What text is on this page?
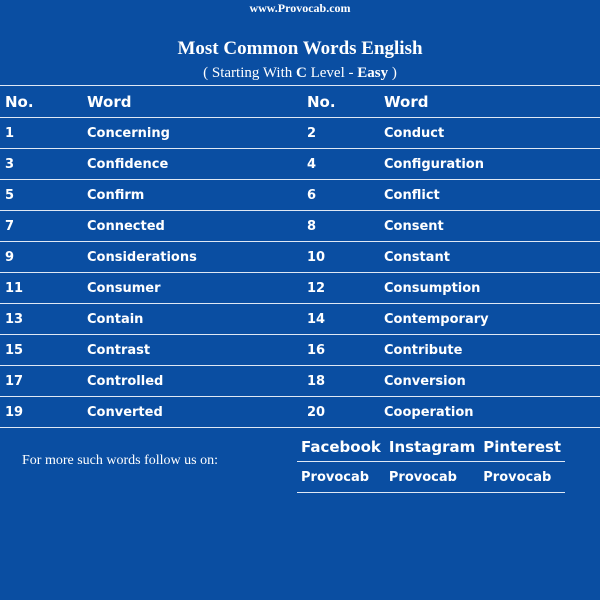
www.Provocab.com
Most Common Words English
( Starting With C Level - Easy )
No.	Word	No.	Word
1	Concerning	2	Conduct
3	Confidence	4	Configuration
5	Confirm	6	Conflict
7	Connected	8	Consent
9	Considerations	10	Constant
11	Consumer	12	Consumption
13	Contain	14	Contemporary
15	Contrast	16	Contribute
17	Controlled	18	Conversion
19	Converted	20	Cooperation
For more such words follow us on:
Facebook	Instagram	Pinterest
Provocab	Provocab	Provocab
